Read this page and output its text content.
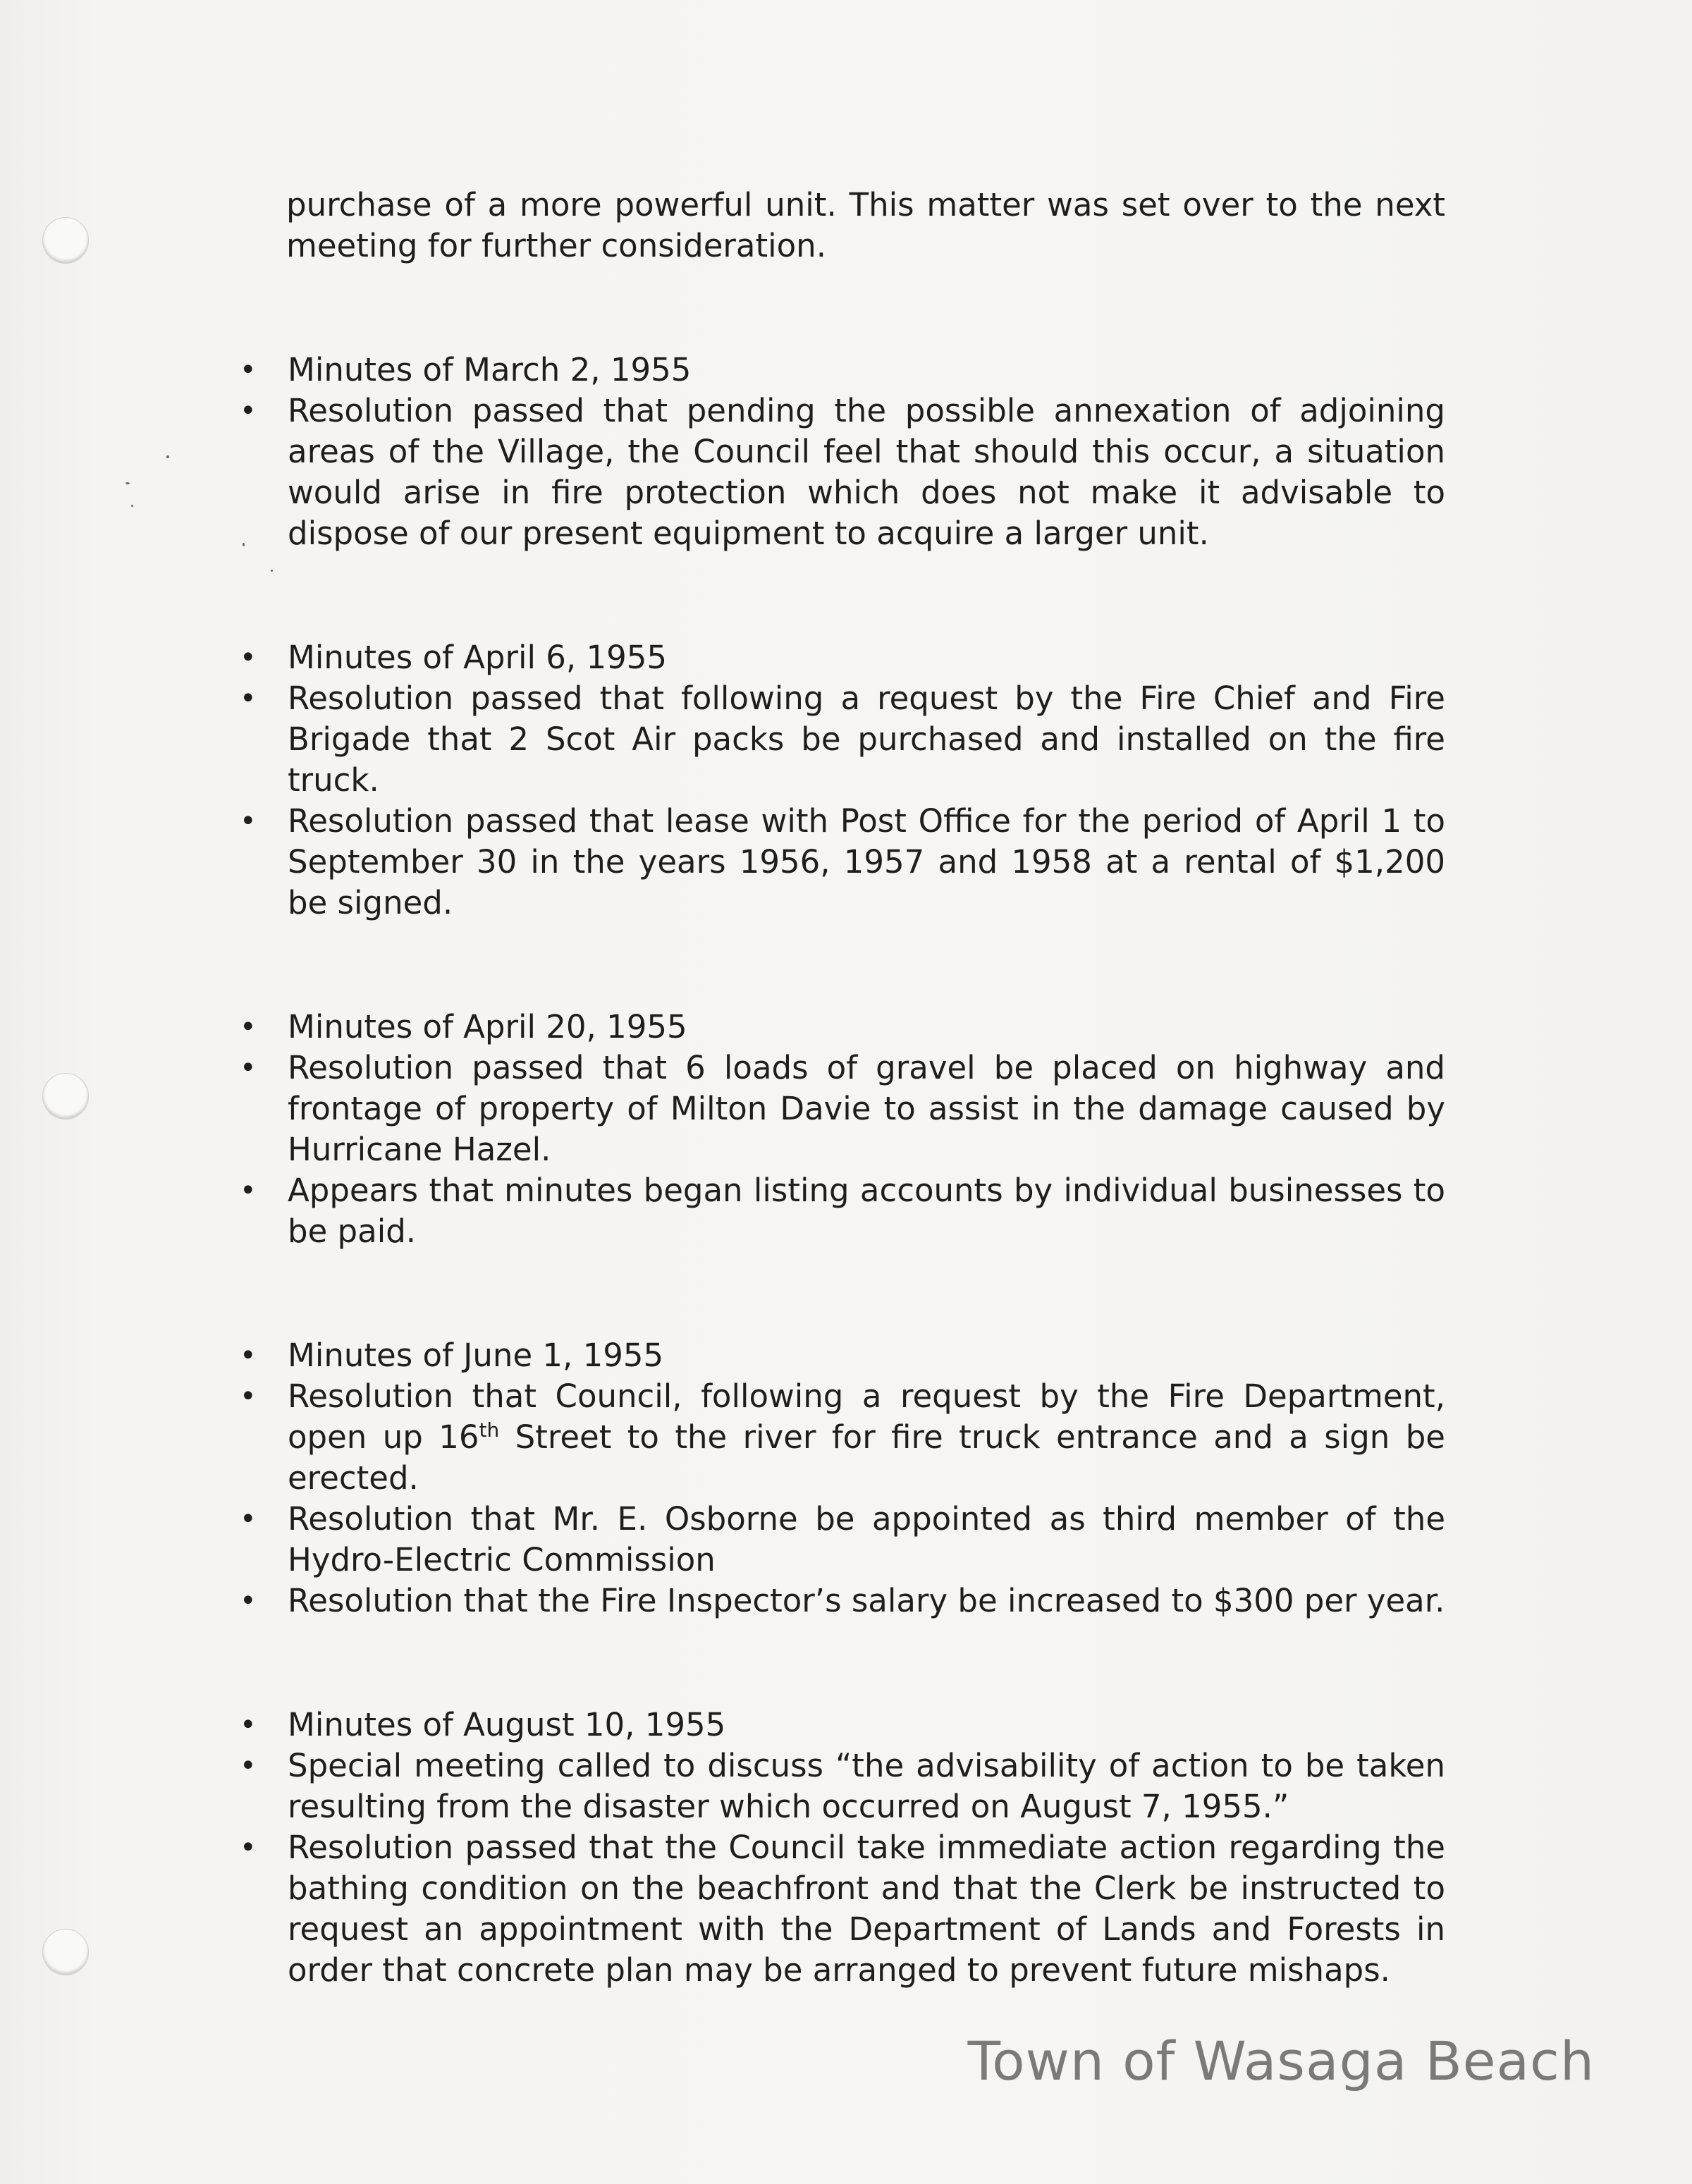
purchase of a more powerful unit. This matter was set over to the next meeting for further consideration.
• Minutes of March 2, 1955
• Resolution passed that pending the possible annexation of adjoining areas of the Village, the Council feel that should this occur, a situation would arise in fire protection which does not make it advisable to dispose of our present equipment to acquire a larger unit.
• Minutes of April 6, 1955
• Resolution passed that following a request by the Fire Chief and Fire Brigade that 2 Scot Air packs be purchased and installed on the fire truck.
• Resolution passed that lease with Post Office for the period of April 1 to September 30 in the years 1956, 1957 and 1958 at a rental of $1,200 be signed.
• Minutes of April 20, 1955
• Resolution passed that 6 loads of gravel be placed on highway and frontage of property of Milton Davie to assist in the damage caused by Hurricane Hazel.
• Appears that minutes began listing accounts by individual businesses to be paid.
• Minutes of June 1, 1955
• Resolution that Council, following a request by the Fire Department, open up 16th Street to the river for fire truck entrance and a sign be erected.
• Resolution that Mr. E. Osborne be appointed as third member of the Hydro-Electric Commission
• Resolution that the Fire Inspector’s salary be increased to $300 per year.
• Minutes of August 10, 1955
• Special meeting called to discuss “the advisability of action to be taken resulting from the disaster which occurred on August 7, 1955.”
• Resolution passed that the Council take immediate action regarding the bathing condition on the beachfront and that the Clerk be instructed to request an appointment with the Department of Lands and Forests in order that concrete plan may be arranged to prevent future mishaps.
Town of Wasaga Beach
